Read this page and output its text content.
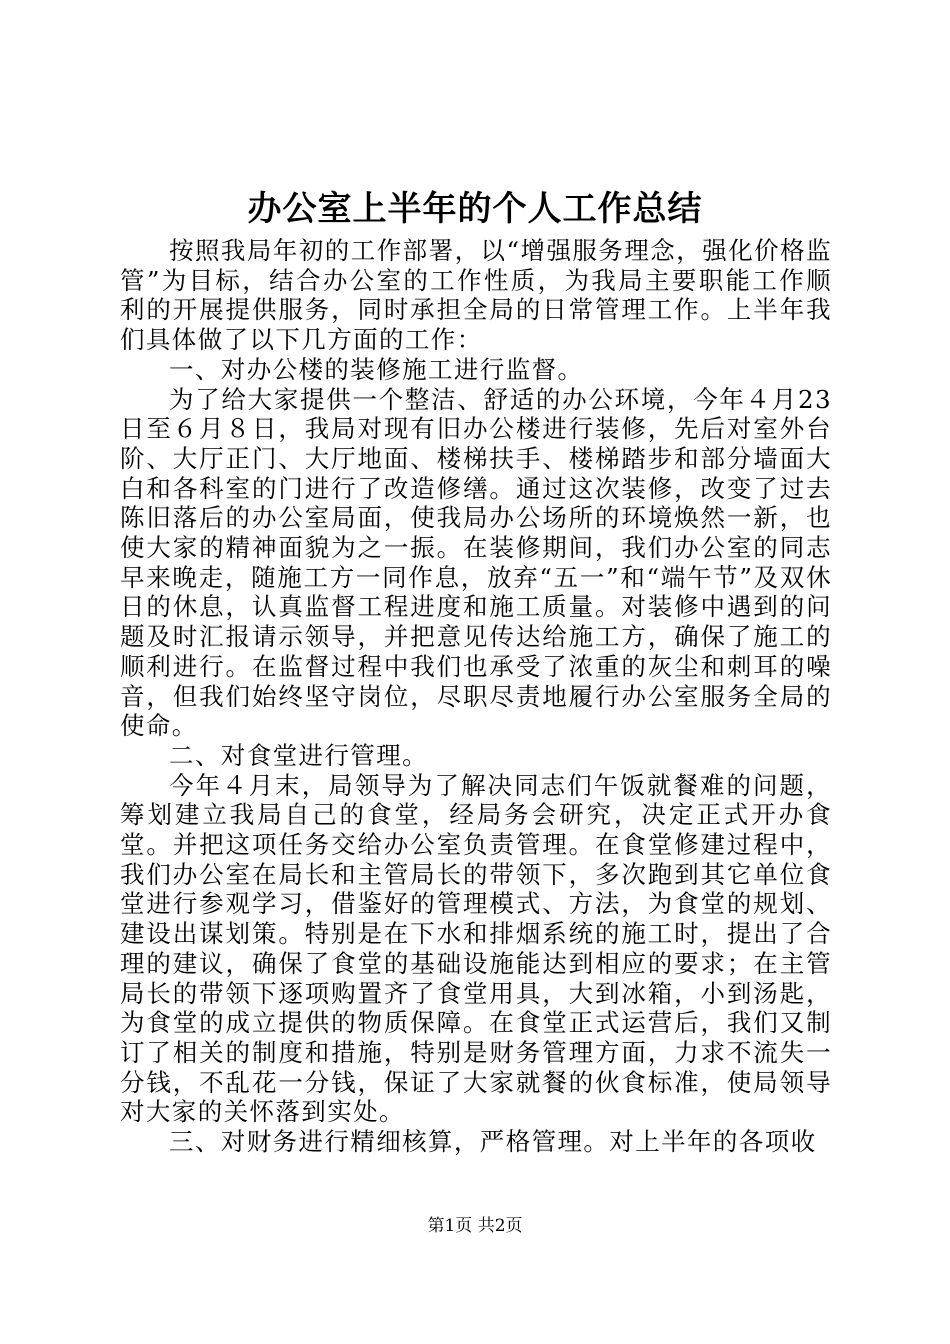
办公室上半年的个人工作总结

按照我局年初的工作部署，以“增强服务理念，强化价格监管”为目标，结合办公室的工作性质，为我局主要职能工作顺利的开展提供服务，同时承担全局的日常管理工作。上半年我们具体做了以下几方面的工作：

一、对办公楼的装修施工进行监督。

为了给大家提供一个整洁、舒适的办公环境，今年４月23日至６月８日，我局对现有旧办公楼进行装修，先后对室外台阶、大厅正门、大厅地面、楼梯扶手、楼梯踏步和部分墙面大白和各科室的门进行了改造修缮。通过这次装修，改变了过去陈旧落后的办公室局面，使我局办公场所的环境焕然一新，也使大家的精神面貌为之一振。在装修期间，我们办公室的同志早来晚走，随施工方一同作息，放弃“五一”和“端午节”及双休日的休息，认真监督工程进度和施工质量。对装修中遇到的问题及时汇报请示领导，并把意见传达给施工方，确保了施工的顺利进行。在监督过程中我们也承受了浓重的灰尘和刺耳的噪音，但我们始终坚守岗位，尽职尽责地履行办公室服务全局的使命。

二、对食堂进行管理。

今年４月末，局领导为了解决同志们午饭就餐难的问题，筹划建立我局自己的食堂，经局务会研究，决定正式开办食堂。并把这项任务交给办公室负责管理。在食堂修建过程中，我们办公室在局长和主管局长的带领下，多次跑到其它单位食堂进行参观学习，借鉴好的管理模式、方法，为食堂的规划、建设出谋划策。特别是在下水和排烟系统的施工时，提出了合理的建议，确保了食堂的基础设施能达到相应的要求；在主管局长的带领下逐项购置齐了食堂用具，大到冰箱，小到汤匙，为食堂的成立提供的物质保障。在食堂正式运营后，我们又制订了相关的制度和措施，特别是财务管理方面，力求不流失一分钱，不乱花一分钱，保证了大家就餐的伙食标准，使局领导对大家的关怀落到实处。

三、对财务进行精细核算，严格管理。对上半年的各项收

第1页 共2页
